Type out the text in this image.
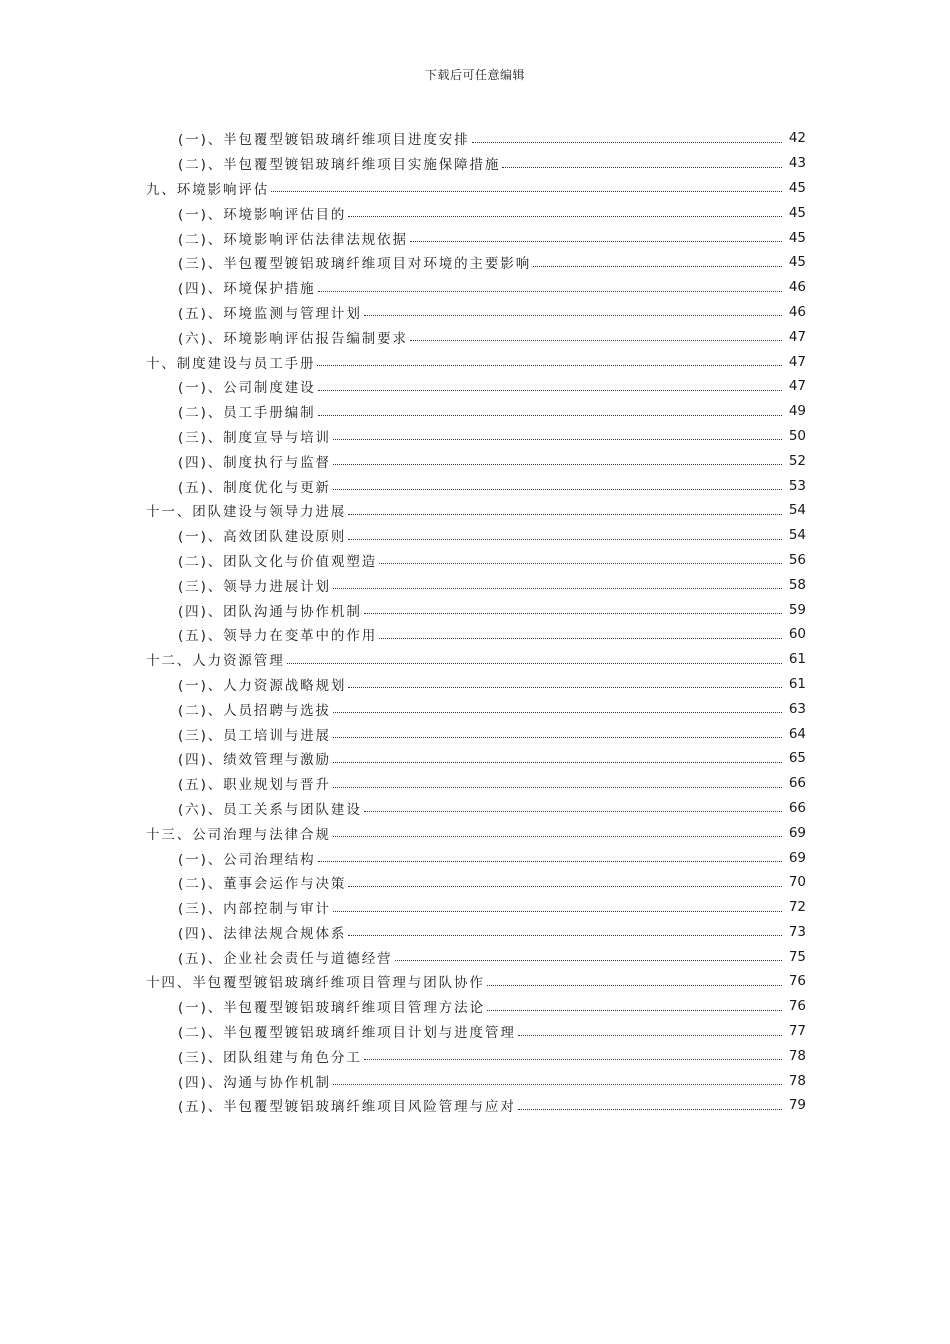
下载后可任意编辑
(一)、半包覆型镀铝玻璃纤维项目进度安排	42
(二)、半包覆型镀铝玻璃纤维项目实施保障措施	43
九、环境影响评估	45
(一)、环境影响评估目的	45
(二)、环境影响评估法律法规依据	45
(三)、半包覆型镀铝玻璃纤维项目对环境的主要影响	45
(四)、环境保护措施	46
(五)、环境监测与管理计划	46
(六)、环境影响评估报告编制要求	47
十、制度建设与员工手册	47
(一)、公司制度建设	47
(二)、员工手册编制	49
(三)、制度宣导与培训	50
(四)、制度执行与监督	52
(五)、制度优化与更新	53
十一、团队建设与领导力进展	54
(一)、高效团队建设原则	54
(二)、团队文化与价值观塑造	56
(三)、领导力进展计划	58
(四)、团队沟通与协作机制	59
(五)、领导力在变革中的作用	60
十二、人力资源管理	61
(一)、人力资源战略规划	61
(二)、人员招聘与选拔	63
(三)、员工培训与进展	64
(四)、绩效管理与激励	65
(五)、职业规划与晋升	66
(六)、员工关系与团队建设	66
十三、公司治理与法律合规	69
(一)、公司治理结构	69
(二)、董事会运作与决策	70
(三)、内部控制与审计	72
(四)、法律法规合规体系	73
(五)、企业社会责任与道德经营	75
十四、半包覆型镀铝玻璃纤维项目管理与团队协作	76
(一)、半包覆型镀铝玻璃纤维项目管理方法论	76
(二)、半包覆型镀铝玻璃纤维项目计划与进度管理	77
(三)、团队组建与角色分工	78
(四)、沟通与协作机制	78
(五)、半包覆型镀铝玻璃纤维项目风险管理与应对	79
